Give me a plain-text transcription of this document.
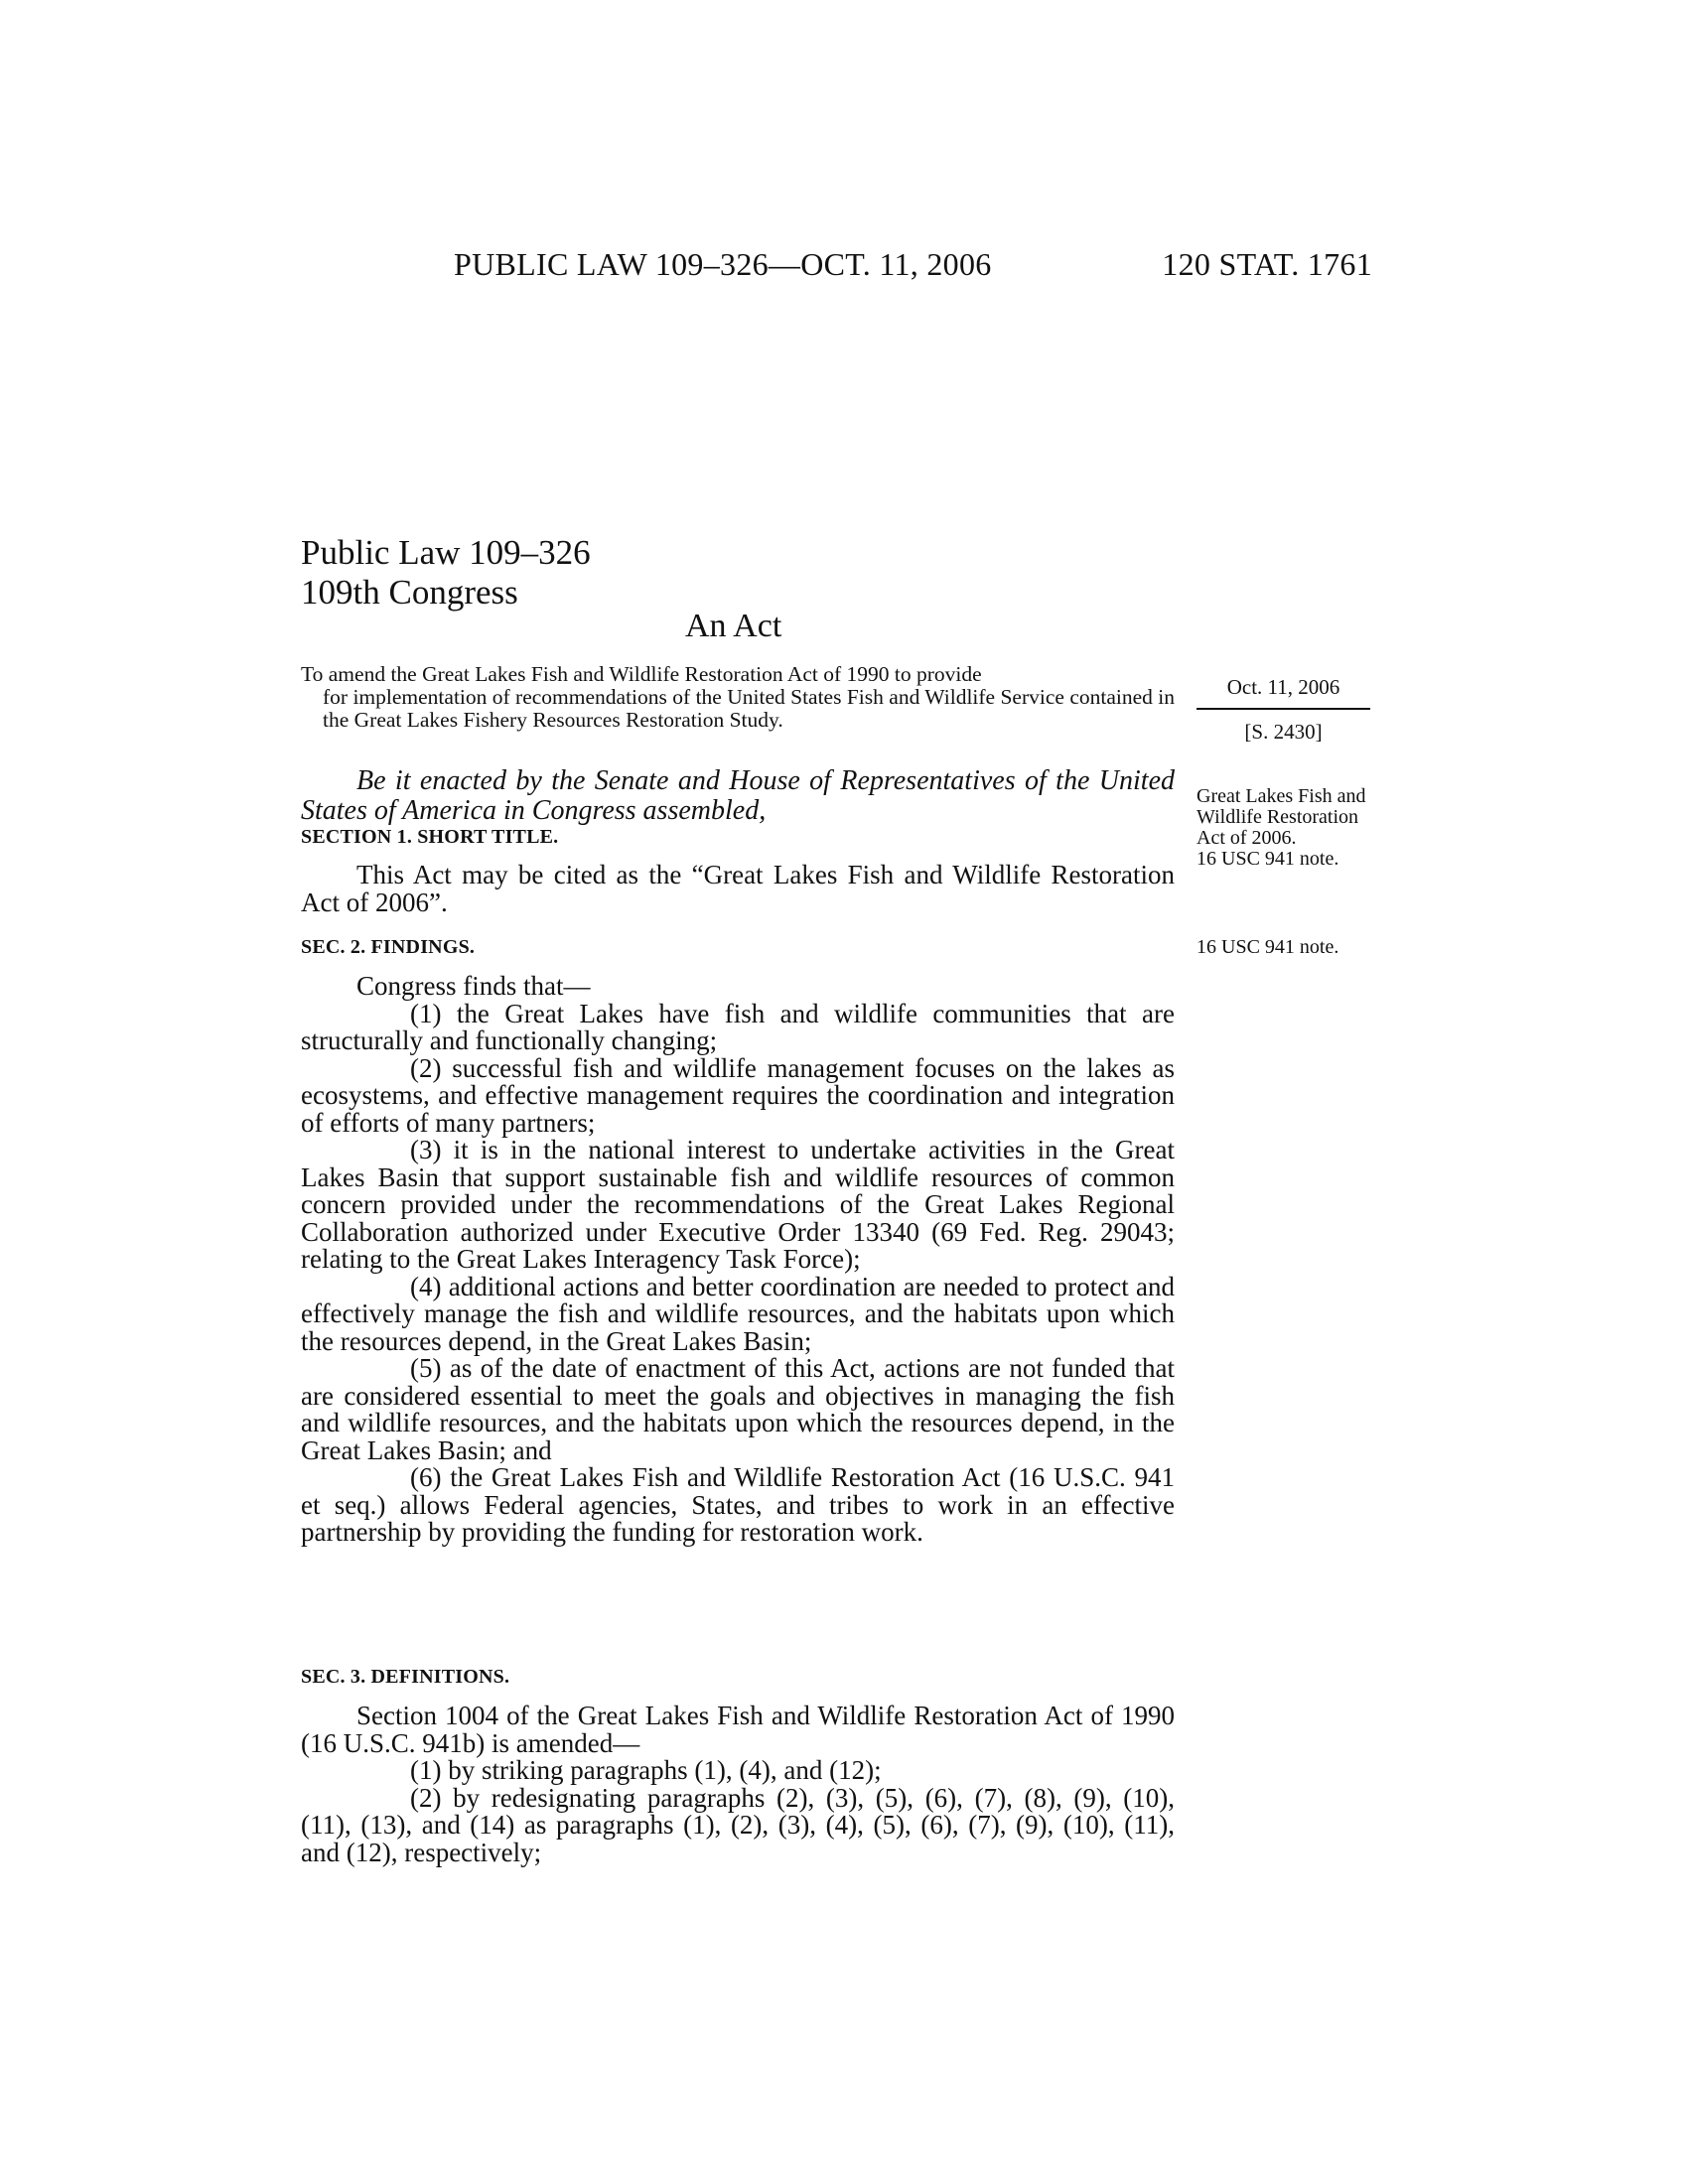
PUBLIC LAW 109–326—OCT. 11, 2006	120 STAT. 1761
Public Law 109–326
109th Congress
An Act
To amend the Great Lakes Fish and Wildlife Restoration Act of 1990 to provide
for implementation of recommendations of the United States Fish and Wildlife Service contained in the Great Lakes Fishery Resources Restoration Study.
Oct. 11, 2006
[S. 2430]
Be it enacted by the Senate and House of Representatives of the United States of America in Congress assembled,	Great Lakes Fish and Wildlife Restoration Act of 2006.
16 USC 941 note.
SECTION 1. SHORT TITLE.

This Act may be cited as the “Great Lakes Fish and Wildlife Restoration Act of 2006”.

SEC. 2. FINDINGS.	16 USC 941 note.

Congress finds that—

(1) the Great Lakes have fish and wildlife communities that are structurally and functionally changing;

(2) successful fish and wildlife management focuses on the lakes as ecosystems, and effective management requires the coordination and integration of efforts of many partners;

(3) it is in the national interest to undertake activities in the Great Lakes Basin that support sustainable fish and wildlife resources of common concern provided under the recommendations of the Great Lakes Regional Collaboration authorized under Executive Order 13340 (69 Fed. Reg. 29043; relating to the Great Lakes Interagency Task Force);

(4) additional actions and better coordination are needed to protect and effectively manage the fish and wildlife resources, and the habitats upon which the resources depend, in the Great Lakes Basin;

(5) as of the date of enactment of this Act, actions are not funded that are considered essential to meet the goals and objectives in managing the fish and wildlife resources, and the habitats upon which the resources depend, in the Great Lakes Basin; and

(6) the Great Lakes Fish and Wildlife Restoration Act (16 U.S.C. 941 et seq.) allows Federal agencies, States, and tribes to work in an effective partnership by providing the funding for restoration work.

SEC. 3. DEFINITIONS.

Section 1004 of the Great Lakes Fish and Wildlife Restoration Act of 1990 (16 U.S.C. 941b) is amended—

(1) by striking paragraphs (1), (4), and (12);

(2) by redesignating paragraphs (2), (3), (5), (6), (7), (8), (9), (10), (11), (13), and (14) as paragraphs (1), (2), (3), (4), (5), (6), (7), (9), (10), (11), and (12), respectively;
